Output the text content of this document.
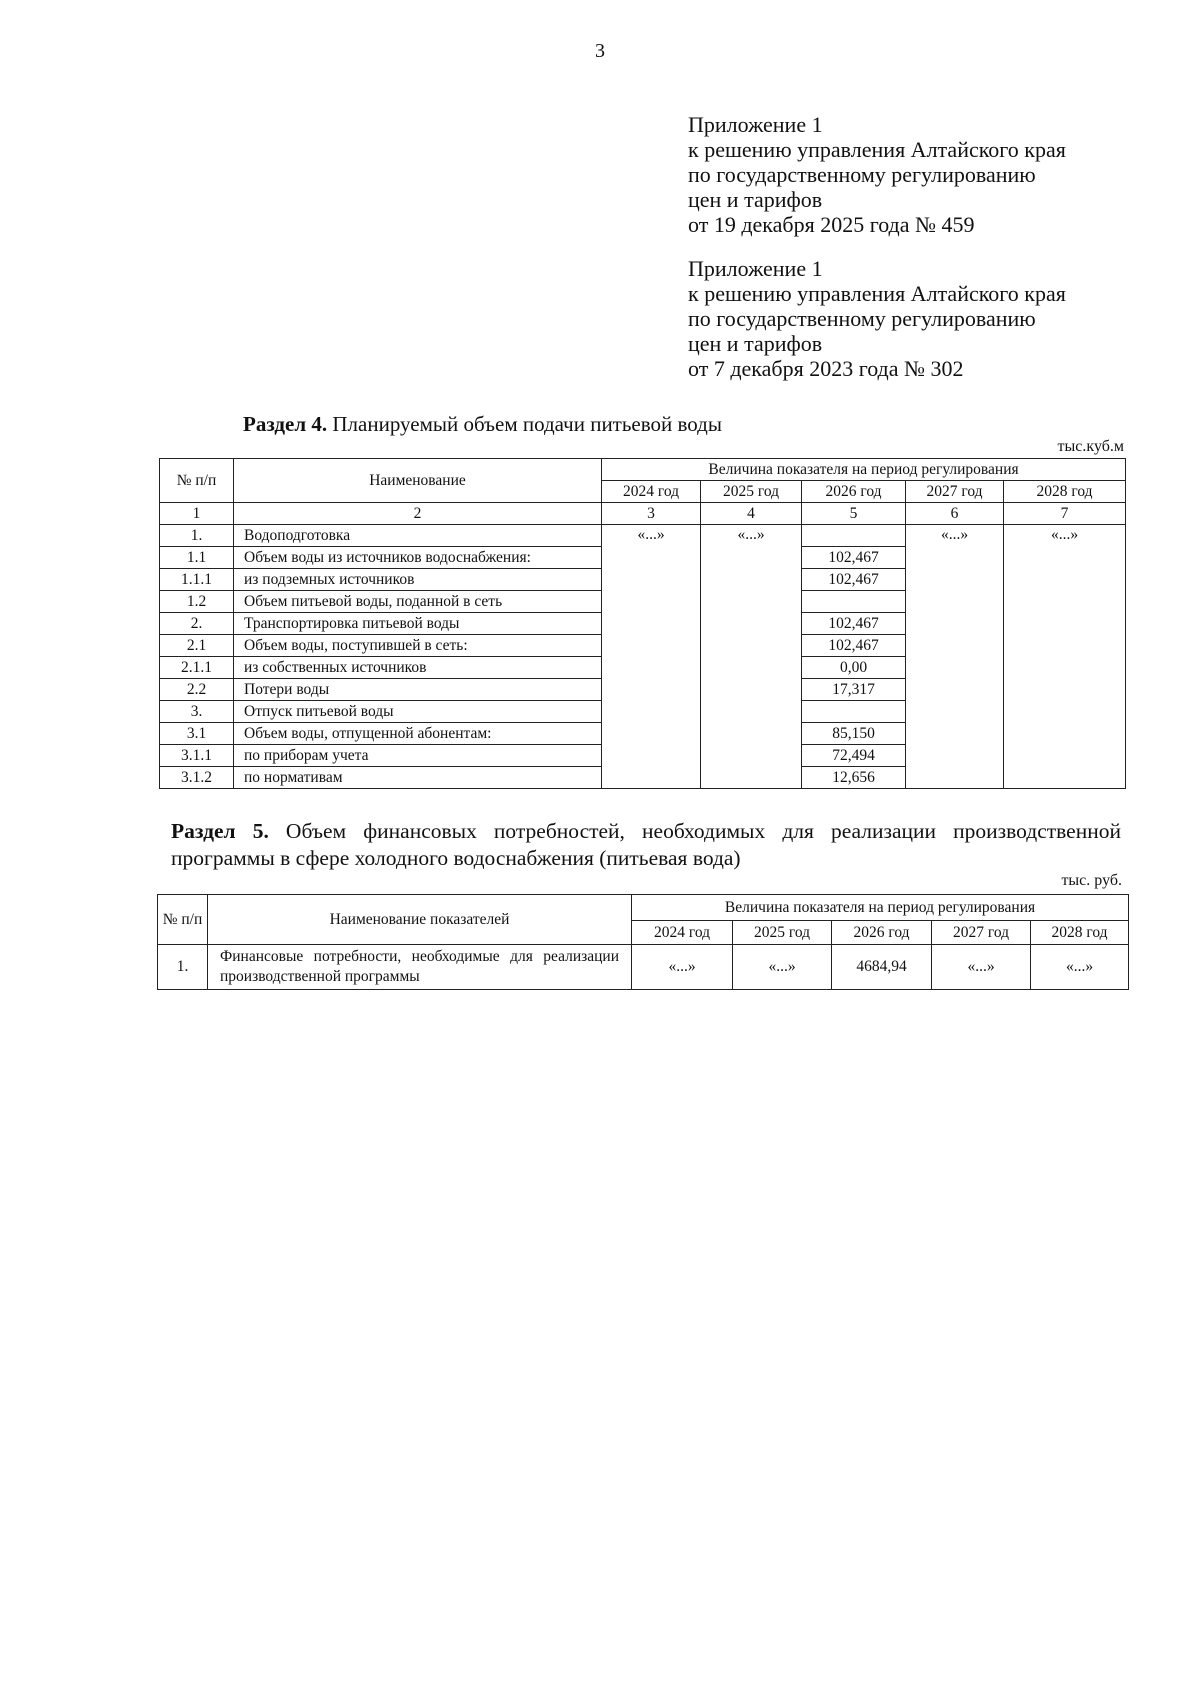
3
Приложение 1
к решению управления Алтайского края
по государственному регулированию
цен и тарифов
от 19 декабря 2025 года № 459
Приложение 1
к решению управления Алтайского края
по государственному регулированию
цен и тарифов
от 7 декабря 2023 года № 302
Раздел 4. Планируемый объем подачи питьевой воды
тыс.куб.м
№ п/п	Наименование	Величина показателя на период регулирования				
		2024 год	2025 год	2026 год	2027 год	2028 год
1	2	3	4	5	6	7
1.	Водоподготовка	«...»	«...»		«...»	«...»
1.1	Объем воды из источников водоснабжения:			102,467		
1.1.1	из подземных источников			102,467		
1.2	Объем питьевой воды, поданной в сеть					
2.	Транспортировка питьевой воды			102,467		
2.1	Объем воды, поступившей в сеть:			102,467		
2.1.1	из собственных источников			0,00		
2.2	Потери воды			17,317		
3.	Отпуск питьевой воды					
3.1	Объем воды, отпущенной абонентам:			85,150		
3.1.1	по приборам учета			72,494		
3.1.2	по нормативам			12,656		
Раздел 5. Объем финансовых потребностей, необходимых для реализации производственной программы в сфере холодного водоснабжения (питьевая вода)
тыс. руб.
№ п/п	Наименование показателей	Величина показателя на период регулирования				
		2024 год	2025 год	2026 год	2027 год	2028 год
1.	Финансовые потребности, необходимые для реализации производственной программы	«...»	«...»	4684,94	«...»	«...»
